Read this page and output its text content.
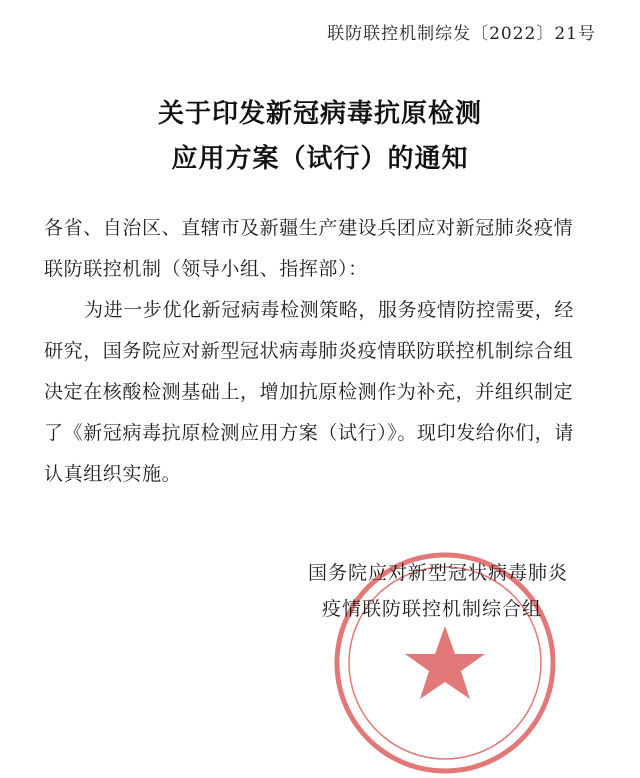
联防联控机制综发〔2022〕21号
关于印发新冠病毒抗原检测
应用方案（试行）的通知
各省、自治区、直辖市及新疆生产建设兵团应对新冠肺炎疫情
联防联控机制（领导小组、指挥部）：
为进一步优化新冠病毒检测策略，服务疫情防控需要，经
研究，国务院应对新型冠状病毒肺炎疫情联防联控机制综合组
决定在核酸检测基础上，增加抗原检测作为补充，并组织制定
了《新冠病毒抗原检测应用方案（试行）》。现印发给你们，请
认真组织实施。
国务院应对新型冠状病毒肺炎
疫情联防联控机制综合组
